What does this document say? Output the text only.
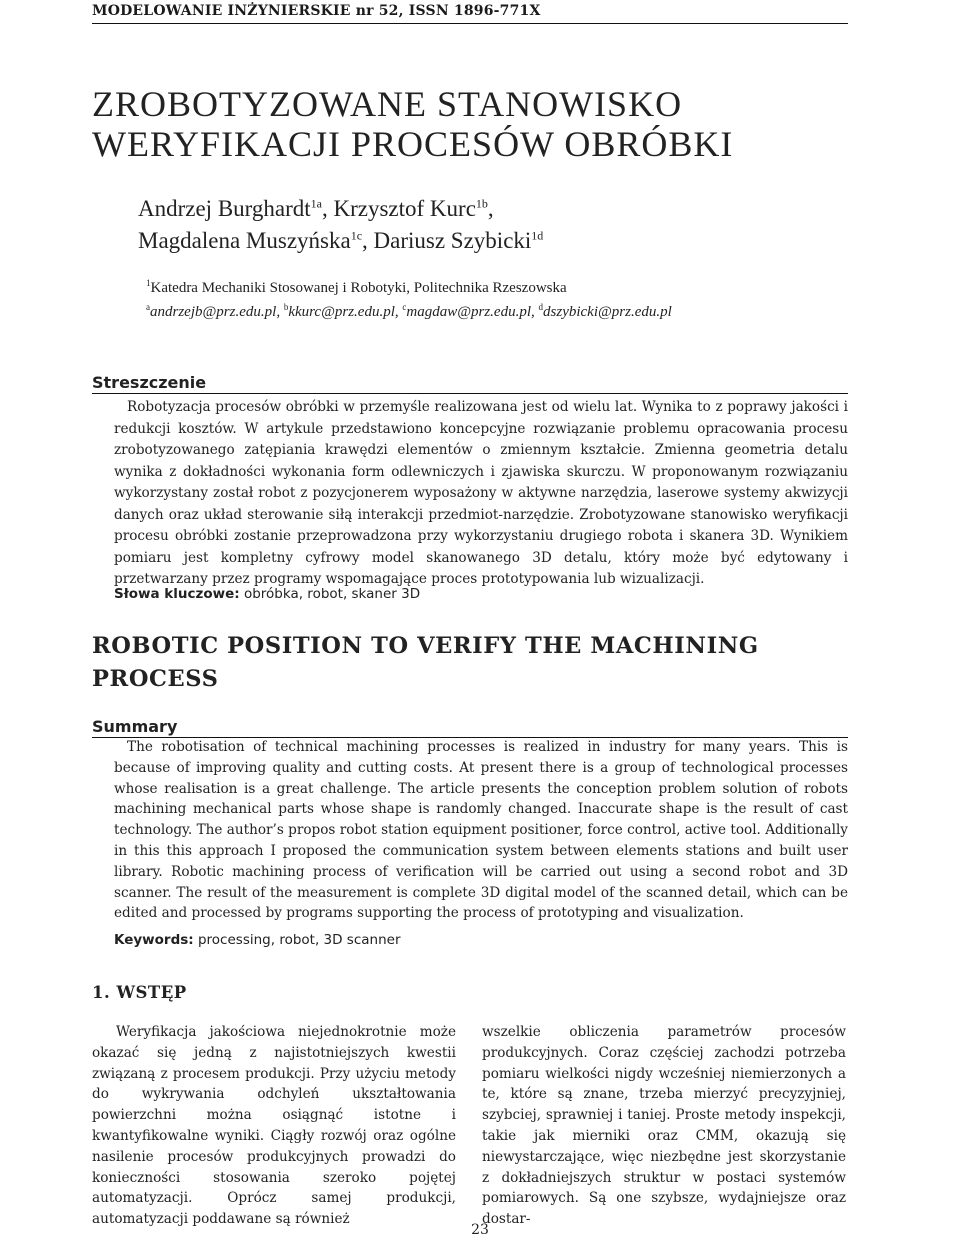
MODELOWANIE INŻYNIERSKIE nr 52, ISSN 1896-771X
ZROBOTYZOWANE STANOWISKO
WERYFIKACJI PROCESÓW OBRÓBKI
Andrzej Burghardt$^{1a}$, Krzysztof Kurc$^{1b}$,
Magdalena Muszyńska$^{1c}$, Dariusz Szybicki$^{1d}$
$^1$Katedra Mechaniki Stosowanej i Robotyki, Politechnika Rzeszowska
$^a$andrzejb@prz.edu.pl, $^b$kkurc@prz.edu.pl, $^c$magdaw@prz.edu.pl, $^d$dszybicki@prz.edu.pl
Streszczenie

Robotyzacja procesów obróbki w przemyśle realizowana jest od wielu lat. Wynika to z poprawy jakości i redukcji kosztów. W artykule przedstawiono koncepcyjne rozwiązanie problemu opracowania procesu zrobotyzowanego zatępiania krawędzi elementów o zmiennym kształcie. Zmienna geometria detalu wynika z dokładności wykonania form odlewniczych i zjawiska skurczu. W proponowanym rozwiązaniu wykorzystany został robot z pozycjonerem wyposażony w aktywne narzędzia, laserowe systemy akwizycji danych oraz układ sterowanie siłą interakcji przedmiot-narzędzie. Zrobotyzowane stanowisko weryfikacji procesu obróbki zostanie przeprowadzona przy wykorzystaniu drugiego robota i skanera 3D. Wynikiem pomiaru jest kompletny cyfrowy model skanowanego 3D detalu, który może być edytowany i przetwarzany przez programy wspomagające proces prototypowania lub wizualizacji.

Słowa kluczowe: obróbka, robot, skaner 3D
ROBOTIC POSITION TO VERIFY THE MACHINING
PROCESS
Summary

The robotisation of technical machining processes is realized in industry for many years. This is because of improving quality and cutting costs. At present there is a group of technological processes whose realisation is a great challenge. The article presents the conception problem solution of robots machining mechanical parts whose shape is randomly changed. Inaccurate shape is the result of cast technology. The author’s propos robot station equipment positioner, force control, active tool. Additionally in this this approach I proposed the communication system between elements stations and built user library. Robotic machining process of verification will be carried out using a second robot and 3D scanner. The result of the measurement is complete 3D digital model of the scanned detail, which can be edited and processed by programs supporting the process of prototyping and visualization.

Keywords: processing, robot, 3D scanner
1. WSTĘP

Weryfikacja jakościowa niejednokrotnie może okazać się jedną z najistotniejszych kwestii związaną z procesem produkcji. Przy użyciu metody do wykrywania odchyleń ukształtowania powierzchni można osiągnąć istotne i kwantyfikowalne wyniki. Ciągły rozwój oraz ogólne nasilenie procesów produkcyjnych prowadzi do konieczności stosowania szeroko pojętej automatyzacji. Oprócz samej produkcji, automatyzacji poddawane są również

wszelkie obliczenia parametrów procesów produkcyjnych. Coraz częściej zachodzi potrzeba pomiaru wielkości nigdy wcześniej niemierzonych a te, które są znane, trzeba mierzyć precyzyjniej, szybciej, sprawniej i taniej. Proste metody inspekcji, takie jak mierniki oraz CMM, okazują się niewystarczające, więc niezbędne jest skorzystanie z dokładniejszych struktur w postaci systemów pomiarowych. Są one szybsze, wydajniejsze oraz dostar-

23
